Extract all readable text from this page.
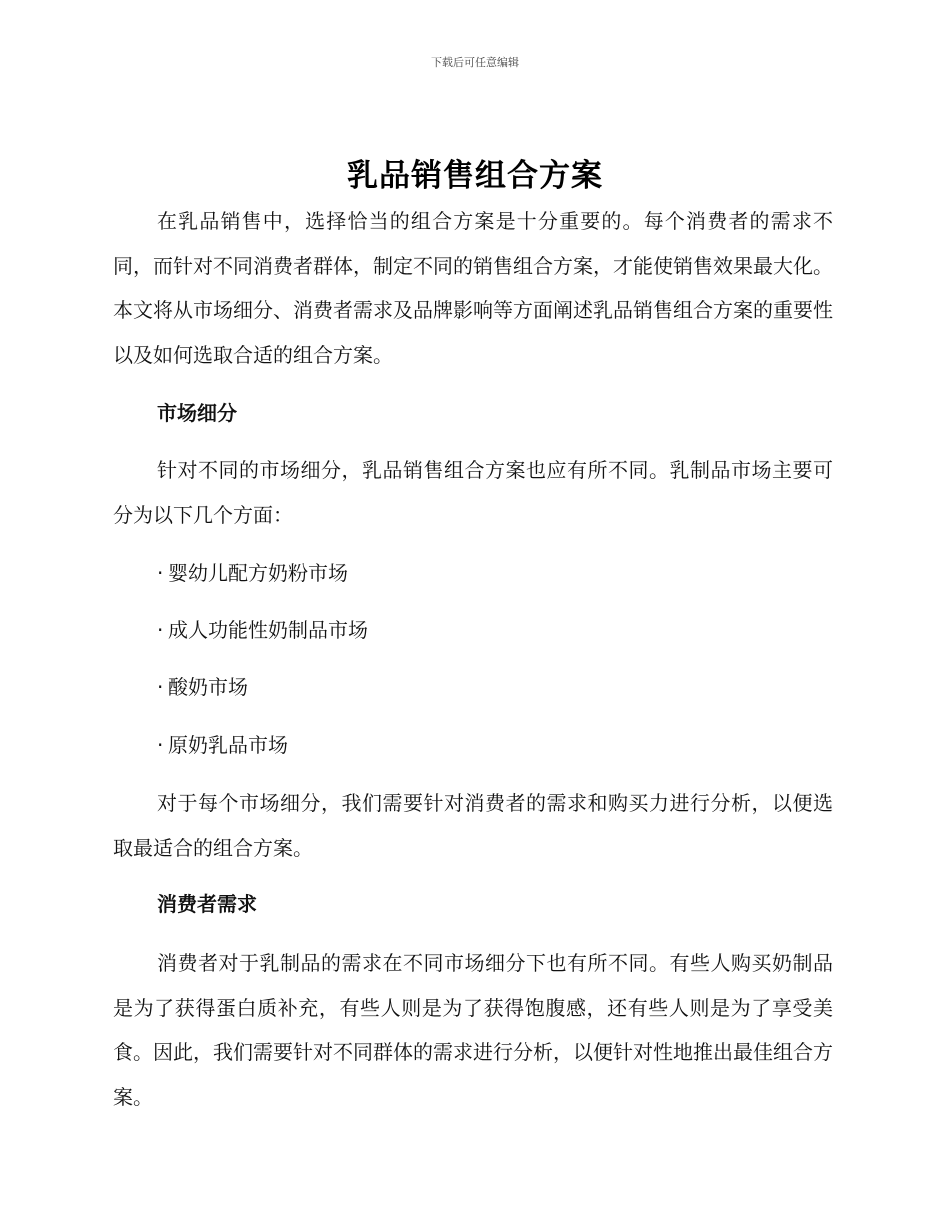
下载后可任意编辑
乳品销售组合方案

在乳品销售中，选择恰当的组合方案是十分重要的。每个消费者的需求不同，而针对不同消费者群体，制定不同的销售组合方案，才能使销售效果最大化。本文将从市场细分、消费者需求及品牌影响等方面阐述乳品销售组合方案的重要性以及如何选取合适的组合方案。

市场细分

针对不同的市场细分，乳品销售组合方案也应有所不同。乳制品市场主要可分为以下几个方面：

· 婴幼儿配方奶粉市场

· 成人功能性奶制品市场

· 酸奶市场

· 原奶乳品市场

对于每个市场细分，我们需要针对消费者的需求和购买力进行分析，以便选取最适合的组合方案。

消费者需求

消费者对于乳制品的需求在不同市场细分下也有所不同。有些人购买奶制品是为了获得蛋白质补充，有些人则是为了获得饱腹感，还有些人则是为了享受美食。因此，我们需要针对不同群体的需求进行分析，以便针对性地推出最佳组合方案。
